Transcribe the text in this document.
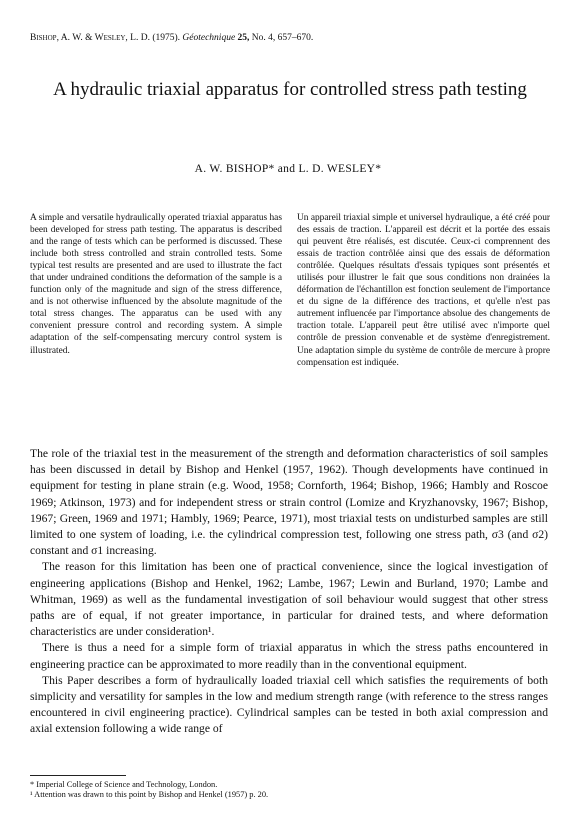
Bishop, A. W. & Wesley, L. D. (1975). Géotechnique 25, No. 4, 657–670.
A hydraulic triaxial apparatus for controlled stress path testing
A. W. BISHOP* and L. D. WESLEY*
A simple and versatile hydraulically operated triaxial apparatus has been developed for stress path testing. The apparatus is described and the range of tests which can be performed is discussed. These include both stress controlled and strain controlled tests. Some typical test results are presented and are used to illustrate the fact that under undrained conditions the deformation of the sample is a function only of the magnitude and sign of the stress difference, and is not otherwise influenced by the absolute magnitude of the total stress changes. The apparatus can be used with any convenient pressure control and recording system. A simple adaptation of the self-compensating mercury control system is illustrated.
Un appareil triaxial simple et universel hydraulique, a été créé pour des essais de traction. L'appareil est décrit et la portée des essais qui peuvent être réalisés, est discutée. Ceux-ci comprennent des essais de traction contrôlée ainsi que des essais de déformation contrôlée. Quelques résultats d'essais typiques sont présentés et utilisés pour illustrer le fait que sous conditions non drainées la déformation de l'échantillon est fonction seulement de l'importance et du signe de la différence des tractions, et qu'elle n'est pas autrement influencée par l'importance absolue des changements de traction totale. L'appareil peut être utilisé avec n'importe quel contrôle de pression convenable et de système d'enregistrement. Une adaptation simple du système de contrôle de mercure à propre compensation est indiquée.

The role of the triaxial test in the measurement of the strength and deformation characteristics of soil samples has been discussed in detail by Bishop and Henkel (1957, 1962). Though developments have continued in equipment for testing in plane strain (e.g. Wood, 1958; Cornforth, 1964; Bishop, 1966; Hambly and Roscoe 1969; Atkinson, 1973) and for independent stress or strain control (Lomize and Kryzhanovsky, 1967; Bishop, 1967; Green, 1969 and 1971; Hambly, 1969; Pearce, 1971), most triaxial tests on undisturbed samples are still limited to one system of loading, i.e. the cylindrical compression test, following one stress path, σ3 (and σ2) constant and σ1 increasing.

The reason for this limitation has been one of practical convenience, since the logical investigation of engineering applications (Bishop and Henkel, 1962; Lambe, 1967; Lewin and Burland, 1970; Lambe and Whitman, 1969) as well as the fundamental investigation of soil behaviour would suggest that other stress paths are of equal, if not greater importance, in particular for drained tests, and where deformation characteristics are under consideration¹.

There is thus a need for a simple form of triaxial apparatus in which the stress paths encountered in engineering practice can be approximated to more readily than in the conventional equipment.

This Paper describes a form of hydraulically loaded triaxial cell which satisfies the requirements of both simplicity and versatility for samples in the low and medium strength range (with reference to the stress ranges encountered in civil engineering practice). Cylindrical samples can be tested in both axial compression and axial extension following a wide range of

* Imperial College of Science and Technology, London.
¹ Attention was drawn to this point by Bishop and Henkel (1957) p. 20.
